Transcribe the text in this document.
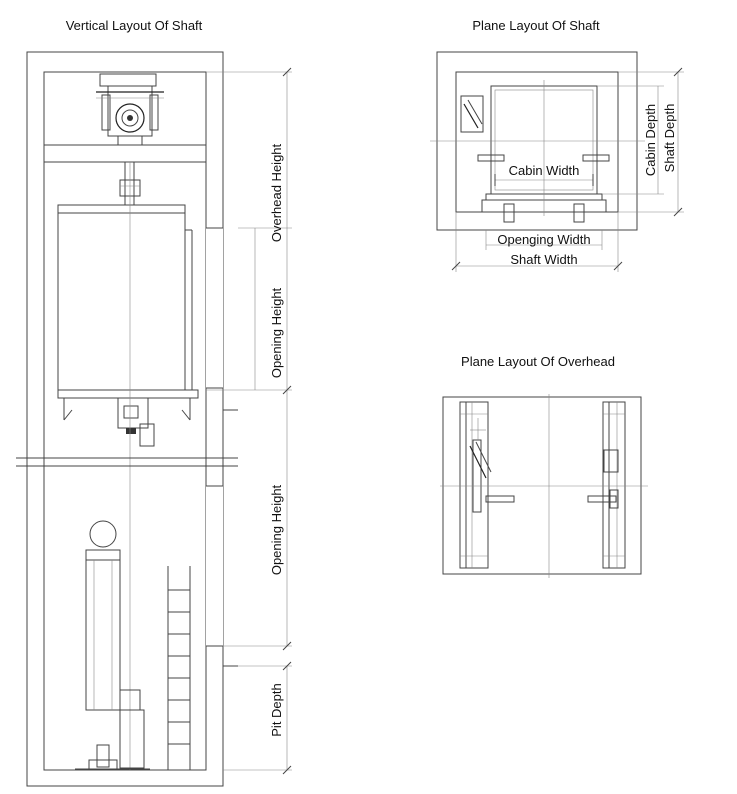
Vertical Layout Of Shaft	Plane Layout Of Shaft
Plane Layout Of Overhead
Overhead Height
Opening Height
Opening Height
Pit Depth
Cabin Width
Openging Width
Shaft Width
Cabin Depth Shaft Depth
